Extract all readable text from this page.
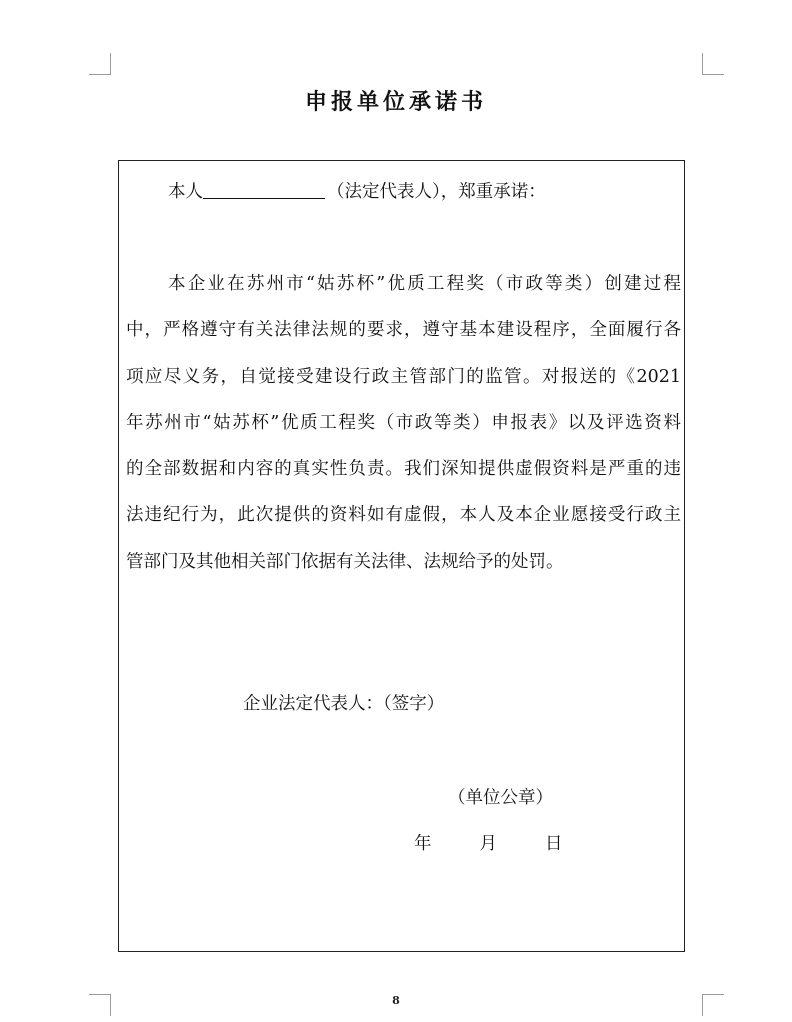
申报单位承诺书
本人	（法定代表人），郑重承诺：
本企业在苏州市“姑苏杯”优质工程奖（市政等类）创建过程
中，严格遵守有关法律法规的要求，遵守基本建设程序，全面履行各
项应尽义务，自觉接受建设行政主管部门的监管。对报送的《2021
年苏州市“姑苏杯”优质工程奖（市政等类）申报表》以及评选资料
的全部数据和内容的真实性负责。我们深知提供虚假资料是严重的违
法违纪行为，此次提供的资料如有虚假，本人及本企业愿接受行政主
管部门及其他相关部门依据有关法律、法规给予的处罚。
企业法定代表人：（签字）
（单位公章）
年	月	日
8
